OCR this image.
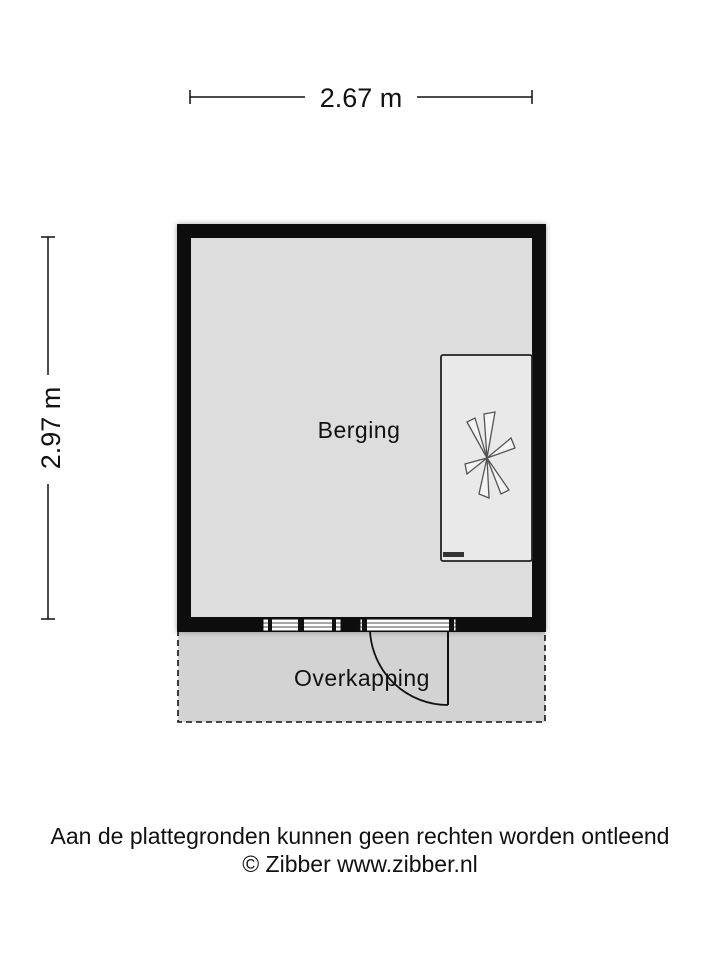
2.67 m
2.97 m	Berging
Overkapping
Aan de plattegronden kunnen geen rechten worden ontleend
© Zibber www.zibber.nl
